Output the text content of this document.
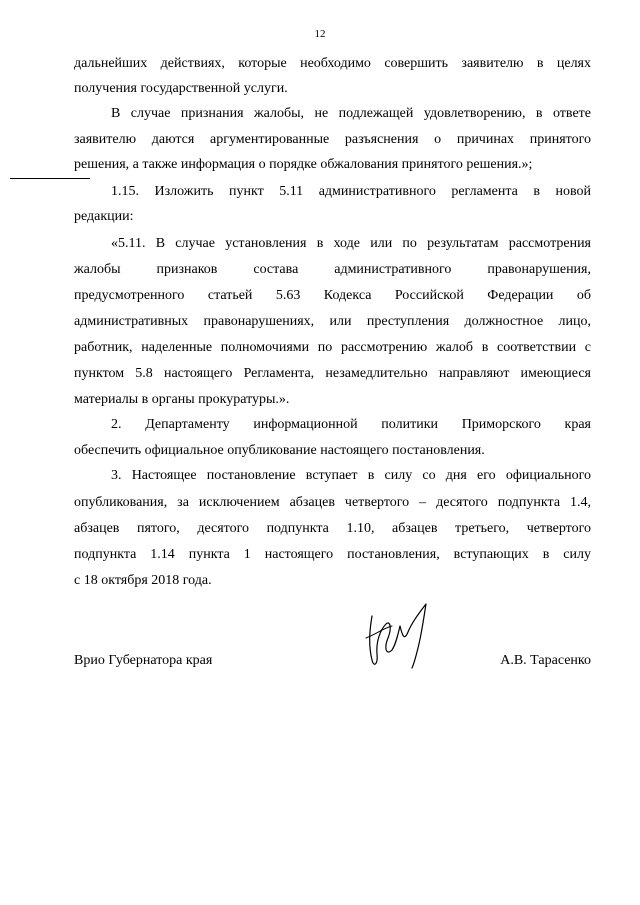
12
дальнейших действиях, которые необходимо совершить заявителю в целях
получения государственной услуги.
В случае признания жалобы, не подлежащей удовлетворению, в ответе
заявителю даются аргументированные разъяснения о причинах принятого
решения, а также информация о порядке обжалования принятого решения.»;
1.15. Изложить пункт 5.11 административного регламента в новой
редакции:
«5.11. В случае установления в ходе или по результатам рассмотрения
жалобы признаков состава административного правонарушения,
предусмотренного статьей 5.63 Кодекса Российской Федерации об
административных правонарушениях, или преступления должностное лицо,
работник, наделенные полномочиями по рассмотрению жалоб в соответствии с
пунктом 5.8 настоящего Регламента, незамедлительно направляют имеющиеся
материалы в органы прокуратуры.».
2. Департаменту информационной политики Приморского края
обеспечить официальное опубликование настоящего постановления.
3. Настоящее постановление вступает в силу со дня его официального
опубликования, за исключением абзацев четвертого – десятого подпункта 1.4,
абзацев пятого, десятого подпункта 1.10, абзацев третьего, четвертого
подпункта 1.14 пункта 1 настоящего постановления, вступающих в силу
с 18 октября 2018 года.
Врио Губернатора края	А.В. Тарасенко
